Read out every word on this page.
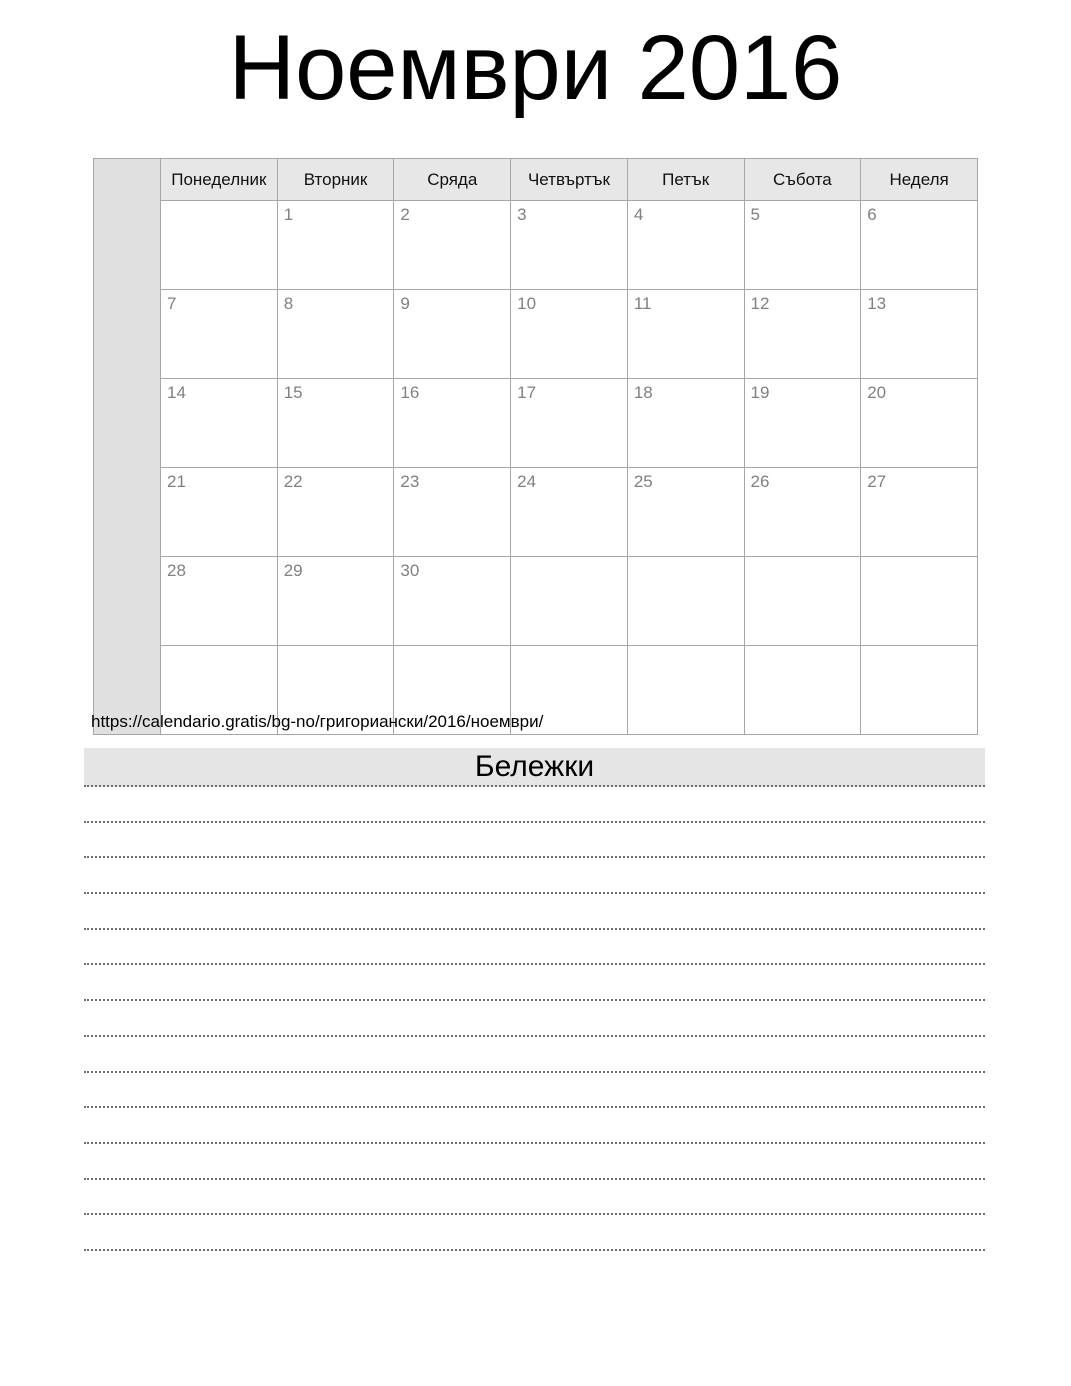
Ноември 2016
	Понеделник	Вторник	Сряда	Четвъртък	Петък	Събота	Неделя
		1	2	3	4	5	6
	7	8	9	10	11	12	13
	14	15	16	17	18	19	20
	21	22	23	24	25	26	27
	28	29	30				

https://calendario.gratis/bg-no/григориански/2016/ноември/
Бележки
